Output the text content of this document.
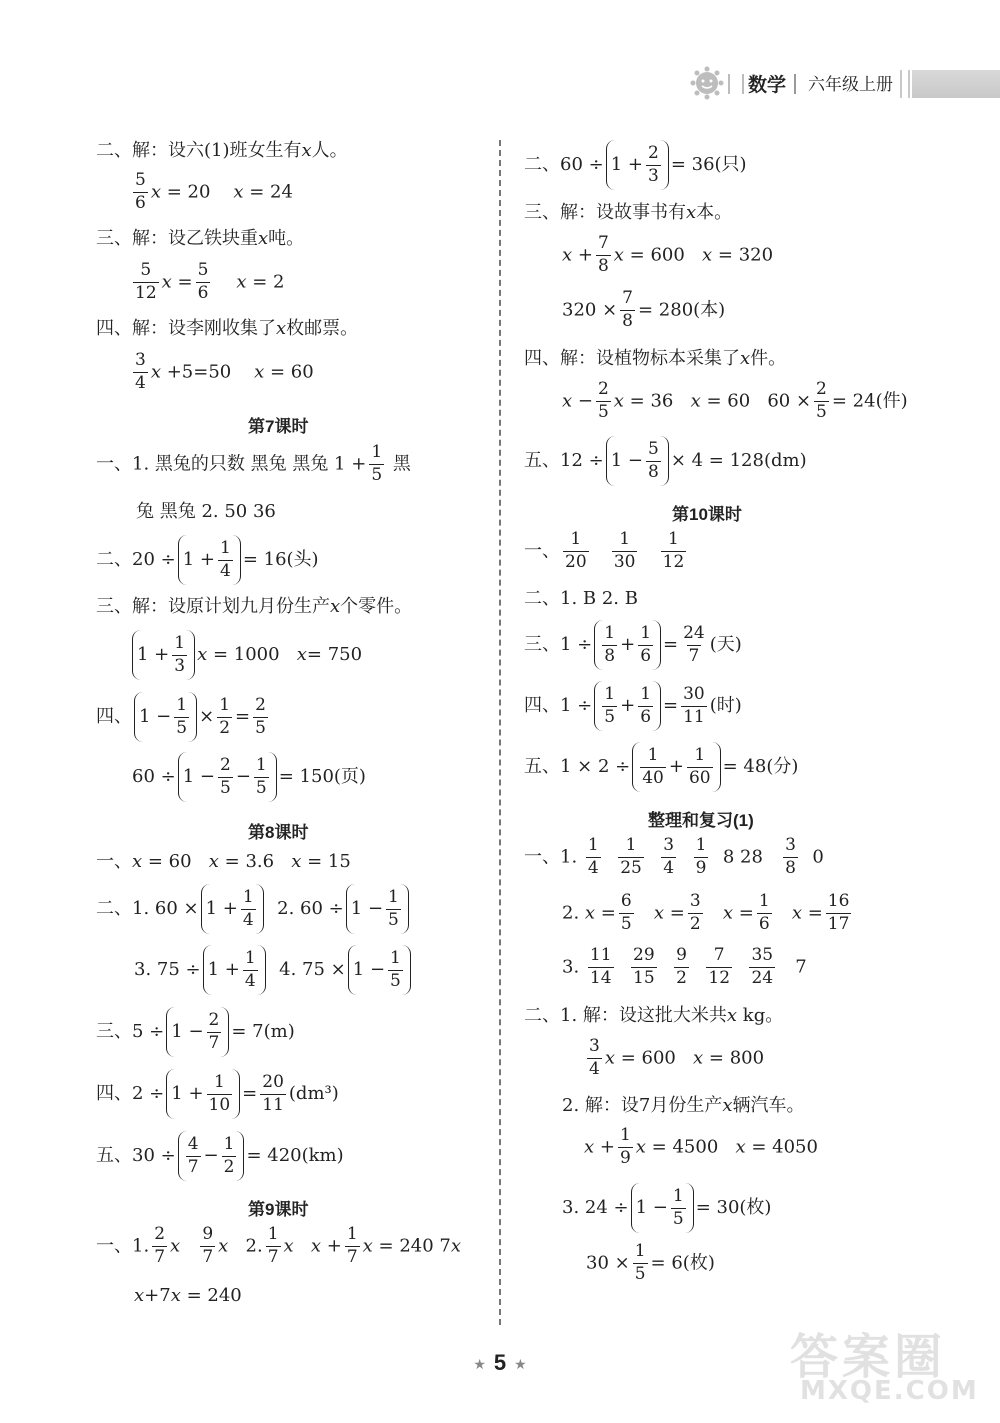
数学 六年级上册
二、解：设六(1)班女生有x人。
$\frac{5}{6}$ x = 20 x = 24
三、解：设乙铁块重x吨。
$\frac{5}{12}$ $x = \frac{5}{6}$ x = 2
四、解：设李刚收集了x枚邮票。
$\frac{3}{4}$ x +5=50 x = 60
第7课时
一、1. 黑兔的只数 黑兔 黑兔 $1 + \frac{1}{5}$ 黑
兔 黑兔 2. 50 36
二、$20 \div 1 + \frac{1}{4} = 16$(头)
三、解：设原计划九月份生产x个零件。
$1 + \frac{1}{3}$ x = 1000 x= 750
四、 $1 - \frac{1}{5} \times \frac{1}{2} = \frac{2}{5}$
$60 \div 1 - \frac{2}{5} - \frac{1}{5} = 150$(页)
第8课时
一、x = 60 x = 3.6 x = 15
二、1. $60 \times 1 + \frac{1}{4} 2$. $60 \div 1 - \frac{1}{5}$
3. $75 \div 1 + \frac{1}{4} 4$. $75 \times 1 - \frac{1}{5}$
三、$5 \div 1 - \frac{2}{7} = 7(m)$
四、$2 \div 1 + \frac{1}{10} = \frac{20}{11} (dm^3)$
五、30 ÷
4
7
− $\frac{1}{2} = 420(km)$
第9课时
一、1. $\frac{2}{7}$ x $\frac{9}{7}$ x 2. $\frac{1}{7}$ x $x + \frac{1}{7}$ x = 240 7x
x+7x = 240
二、$60 \div 1 + \frac{2}{3} = 36$(只)
三、解：设故事书有x本。
$x + \frac{7}{8}$ x = 600 x = 320
$320 \times \frac{7}{8} = 280$(本)
四、解：设植物标本采集了x件。
$x - \frac{2}{5}$ x = 36 x = 60 $60 \times \frac{2}{5} = 24$(件)
五、$12 \div 1 - \frac{5}{8} \times 4 = 128(dm)$
第10课时
一、 $\frac{1}{20}$
$\frac{1}{30}$
$\frac{1}{12}$
二、1. B 2. B
三、1 ÷
1
8
+ $\frac{1}{6} = \frac{24}{7}$ (天)
四、1 ÷
1
5
+ $\frac{1}{6} = \frac{30}{11}$ (时)
五、1 × 2 ÷
1
40
+ $\frac{1}{60} = 48$(分)
整理和复习(1)
一、1. $\frac{1}{4}$
$\frac{1}{25}$
$\frac{3}{4}$
$\frac{1}{9} 8$ $28 \frac{3}{8} 0$
2. $x = \frac{6}{5}$ $x = \frac{3}{2}$ $x = \frac{1}{6}$ $x = \frac{16}{17}$
3. $\frac{11}{14}$
$\frac{29}{15}$
$\frac{9}{2}$
$\frac{7}{12}$
$\frac{35}{24} 7$
二、1. 解：设这批大米共x kg。
$\frac{3}{4}$ x = 600 x = 800
2. 解：设7月份生产x辆汽车。
$x + \frac{1}{9}$ x = 4500 x = 4050
3. $24 \div 1 - \frac{1}{5} = 30$(枚)
$30 \times \frac{1}{5} = 6$(枚)
★ 5 ★	答案圈
MXQE.COM
